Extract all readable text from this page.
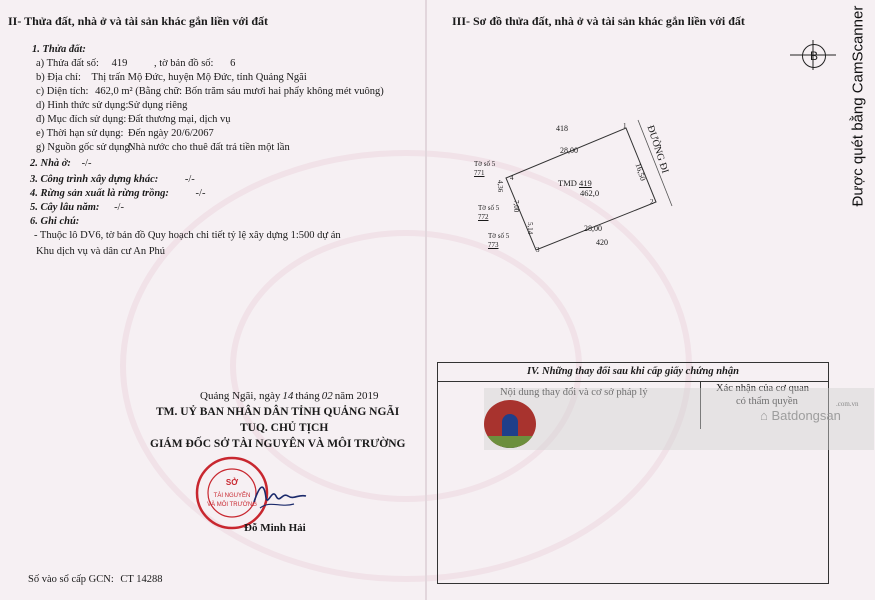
II- Thửa đất, nhà ở và tài sản khác gắn liền với đất
1. Thửa đất:
a) Thửa đất số: 419	, tờ bản đồ số: 6
b) Địa chỉ: Thị trấn Mộ Đức, huyện Mộ Đức, tỉnh Quảng Ngãi
c) Diện tích: 462,0 m² (Bằng chữ: Bốn trăm sáu mươi hai phẩy không mét vuông)
d) Hình thức sử dụng: Sử dụng riêng
đ) Mục đích sử dụng: Đất thương mại, dịch vụ
e) Thời hạn sử dụng: Đến ngày 20/6/2067
g) Nguồn gốc sử dụng:
Nhà nước cho thuê đất trả tiền một lần
2. Nhà ở: -/-
3. Công trình xây dựng khác:	-/-
4. Rừng sản xuất là rừng trồng:	-/-
5. Cây lâu năm: -/-
6. Ghi chú:
- Thuộc lô DV6, tờ bản đồ Quy hoạch chi tiết tỷ lệ xây dựng 1:500 dự án
Khu dịch vụ và dân cư An Phú
Quảng Ngãi, ngày 14 tháng 02 năm 2019
TM. UỶ BAN NHÂN DÂN TỈNH QUẢNG NGÃI
TUQ. CHỦ TỊCH
GIÁM ĐỐC SỞ TÀI NGUYÊN VÀ MÔI TRƯỜNG
SỞ
TÀI NGUYÊN
VÀ MÔI TRƯỜNG
Đỗ Minh Hải
Số vào sổ cấp GCN: CT 14288
III- Sơ đồ thửa đất, nhà ở và tài sản khác gắn liền với đất
B	Được quét bằng CamScanner
418
420
ĐƯỜNG ĐI
28,00
28,00
16,50
TMD 419
462,0
4,36
7,00
5,14
1
2
3
4
Tờ số 5
771
Tờ số 5
772
Tờ số 5
773
IV. Những thay đổi sau khi cấp giấy chứng nhận
Nội dung thay đổi và cơ sở pháp lý	Xác nhận của cơ quan
có thẩm quyền
⌂ Batdongsan
.com.vn
